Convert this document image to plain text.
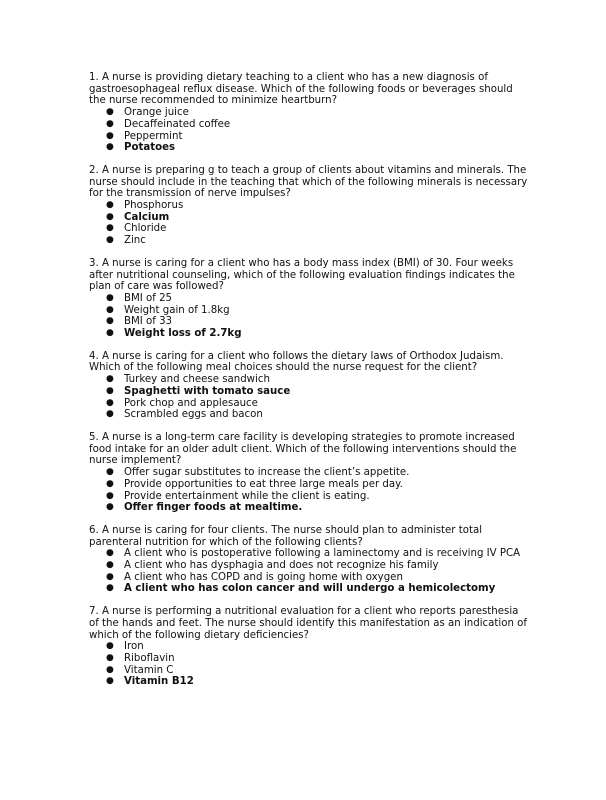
1. A nurse is providing dietary teaching to a client who has a new diagnosis of gastroesophageal reflux disease. Which of the following foods or beverages should the nurse recommended to minimize heartburn?

● Orange juice
● Decaffeinated coffee
● Peppermint
● Potatoes

2. A nurse is preparing g to teach a group of clients about vitamins and minerals. The nurse should include in the teaching that which of the following minerals is necessary for the transmission of nerve impulses?

● Phosphorus
● Calcium
● Chloride
● Zinc

3. A nurse is caring for a client who has a body mass index (BMI) of 30. Four weeks after nutritional counseling, which of the following evaluation findings indicates the plan of care was followed?

● BMI of 25
● Weight gain of 1.8kg
● BMI of 33
● Weight loss of 2.7kg

4. A nurse is caring for a client who follows the dietary laws of Orthodox Judaism. Which of the following meal choices should the nurse request for the client?

● Turkey and cheese sandwich
● Spaghetti with tomato sauce
● Pork chop and applesauce
● Scrambled eggs and bacon

5. A nurse is a long-term care facility is developing strategies to promote increased food intake for an older adult client. Which of the following interventions should the nurse implement?

● Offer sugar substitutes to increase the client’s appetite.
● Provide opportunities to eat three large meals per day.
● Provide entertainment while the client is eating.
● Offer finger foods at mealtime.

6. A nurse is caring for four clients. The nurse should plan to administer total parenteral nutrition for which of the following clients?

● A client who is postoperative following a laminectomy and is receiving IV PCA
● A client who has dysphagia and does not recognize his family
● A client who has COPD and is going home with oxygen
● A client who has colon cancer and will undergo a hemicolectomy

7. A nurse is performing a nutritional evaluation for a client who reports paresthesia of the hands and feet. The nurse should identify this manifestation as an indication of which of the following dietary deficiencies?

● Iron
● Riboflavin
● Vitamin C
● Vitamin B12
